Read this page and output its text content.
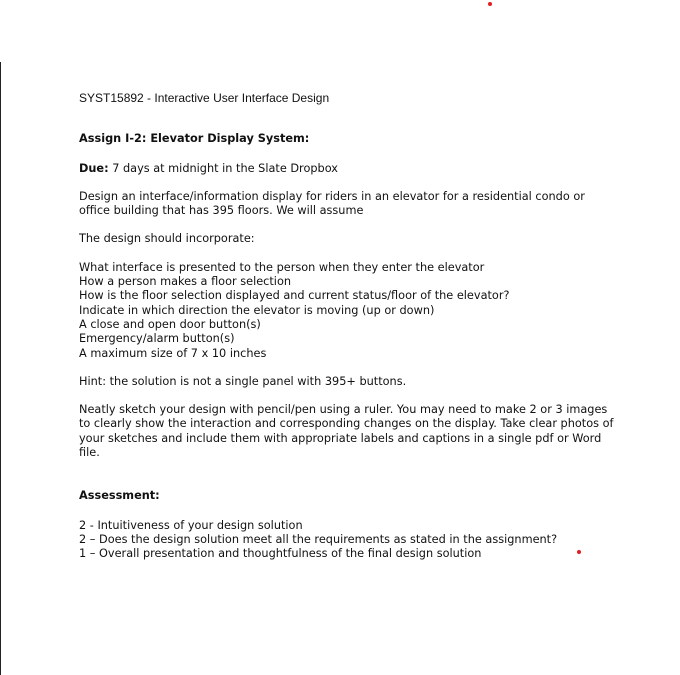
SYST15892 - Interactive User Interface Design
Assign I-2: Elevator Display System:

Due: 7 days at midnight in the Slate Dropbox

Design an interface/information display for riders in an elevator for a residential condo or office building that has 395 floors. We will assume

The design should incorporate:

What interface is presented to the person when they enter the elevator
How a person makes a floor selection
How is the floor selection displayed and current status/floor of the elevator?
Indicate in which direction the elevator is moving (up or down)
A close and open door button(s)
Emergency/alarm button(s)
A maximum size of 7 x 10 inches

Hint: the solution is not a single panel with 395+ buttons.

Neatly sketch your design with pencil/pen using a ruler. You may need to make 2 or 3 images to clearly show the interaction and corresponding changes on the display. Take clear photos of your sketches and include them with appropriate labels and captions in a single pdf or Word file.

Assessment:
2 - Intuitiveness of your design solution
2 – Does the design solution meet all the requirements as stated in the assignment?
1 – Overall presentation and thoughtfulness of the final design solution
